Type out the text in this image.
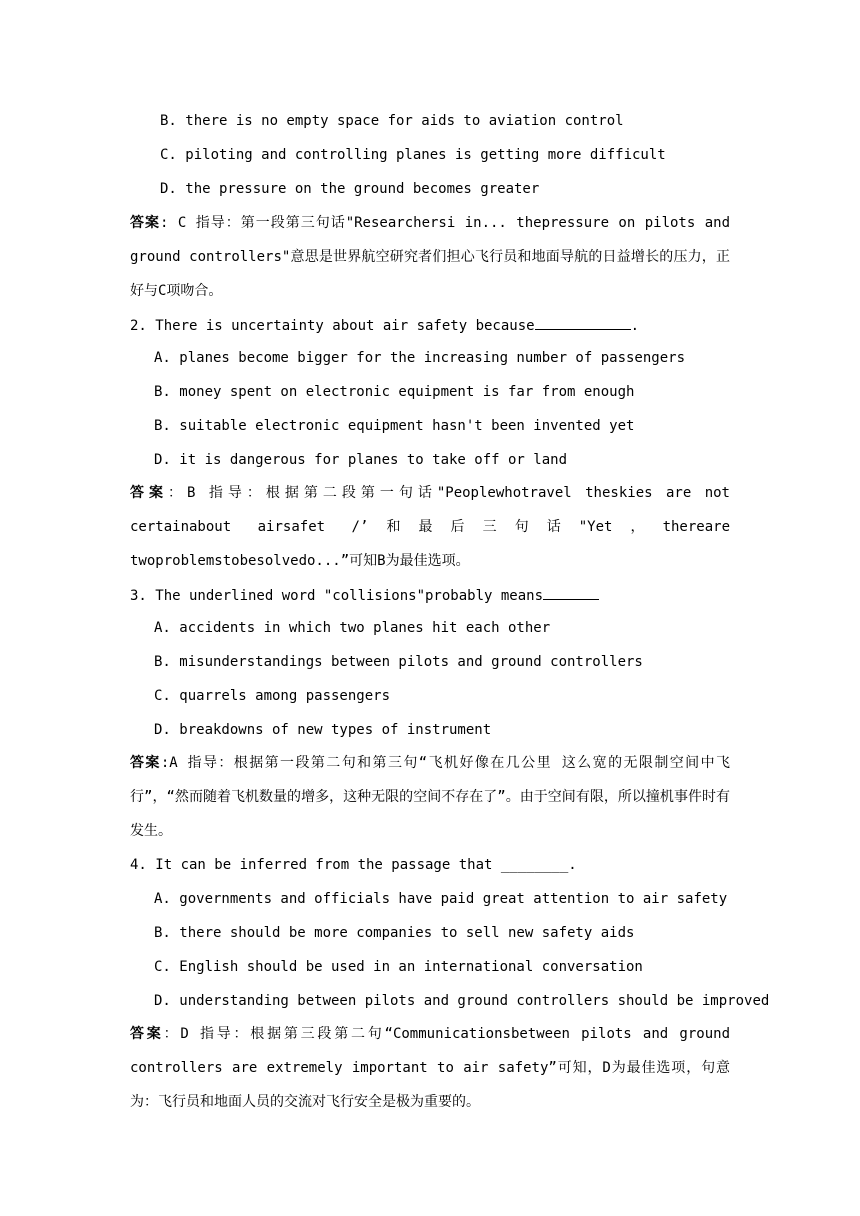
B. there is no empty space for aids to aviation control
C. piloting and controlling planes is getting more difficult
D. the pressure on the ground becomes greater
答案: C 指导：第一段第三句话"Researchersi in... thepressure on pilots and ground controllers"意思是世界航空研究者们担心飞行员和地面导航的日益增长的压力，正好与C项吻合。
2. There is uncertainty about air safety because	.
A. planes become bigger for the increasing number of passengers
B. money spent on electronic equipment is far from enough
B. suitable electronic equipment hasn't been invented yet
D. it is dangerous for planes to take off or land
答案：B 指导：根据第二段第一句话"Peoplewhotravel theskies are not certainabout airsafet /’和最后三句话"Yet，thereare twoproblemstobesolvedo...”可知B为最佳选项。
3. The underlined word "collisions"probably means
A. accidents in which two planes hit each other
B. misunderstandings between pilots and ground controllers
C. quarrels among passengers
D. breakdowns of new types of instrument
答案:A 指导：根据第一段第二句和第三句“飞机好像在几公里 这么宽的无限制空间中飞行”，“然而随着飞机数量的增多，这种无限的空间不存在了”。由于空间有限，所以撞机事件时有发生。
4. It can be inferred from the passage that ________.
A. governments and officials have paid great attention to air safety
B. there should be more companies to sell new safety aids
C. English should be used in an international conversation
D. understanding between pilots and ground controllers should be improved
答案：D 指导：根据第三段第二句“Communicationsbetween pilots and ground controllers are extremely important to air safety”可知，D为最佳选项，句意为：飞行员和地面人员的交流对飞行安全是极为重要的。
